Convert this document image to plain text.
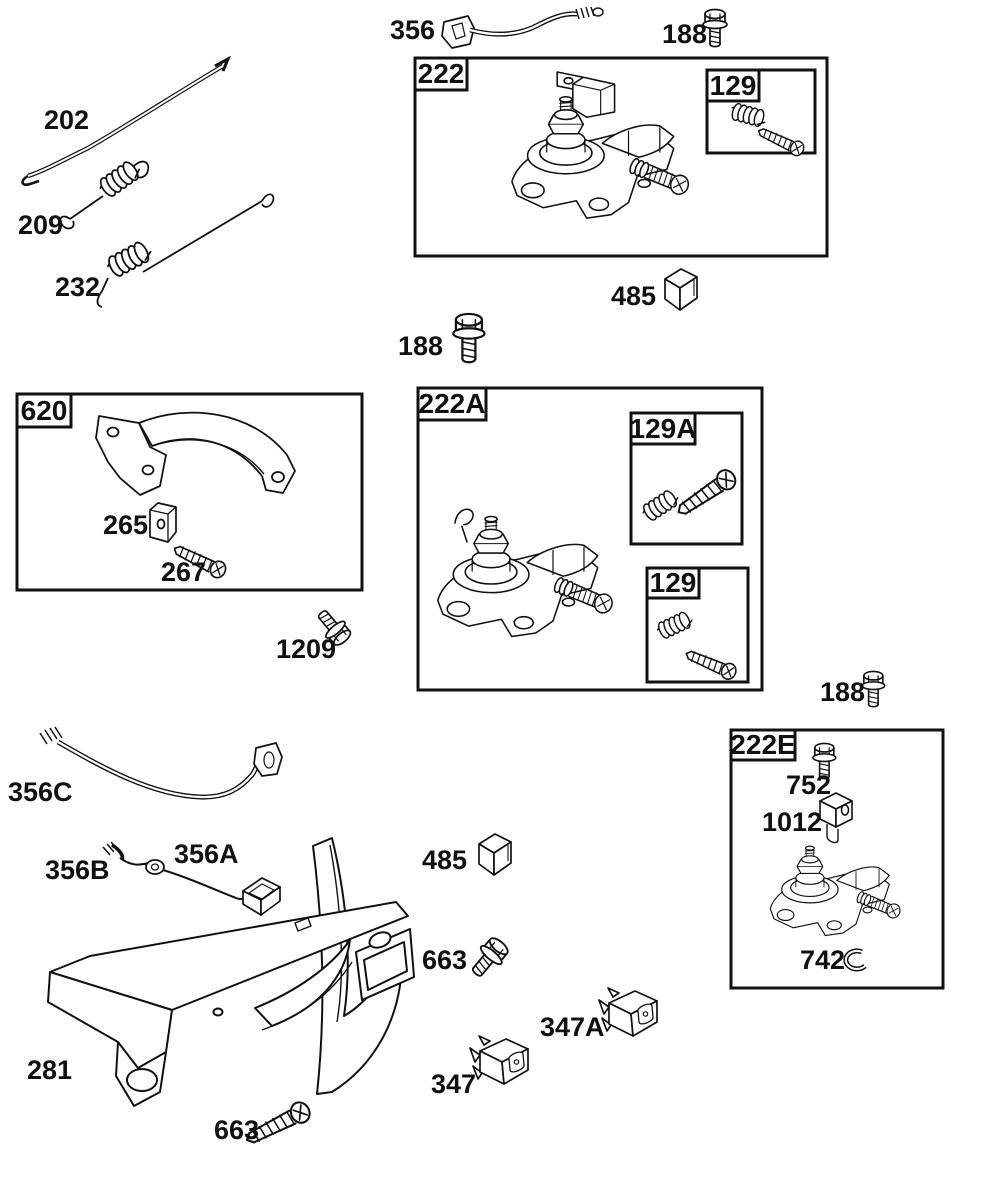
222	129
620	222A
129A
129
222E
356	188
202
209
232	485
188
265
267
1209
188
752
1012
742
356C
356B
356A	485
663
281
663
347A
347
